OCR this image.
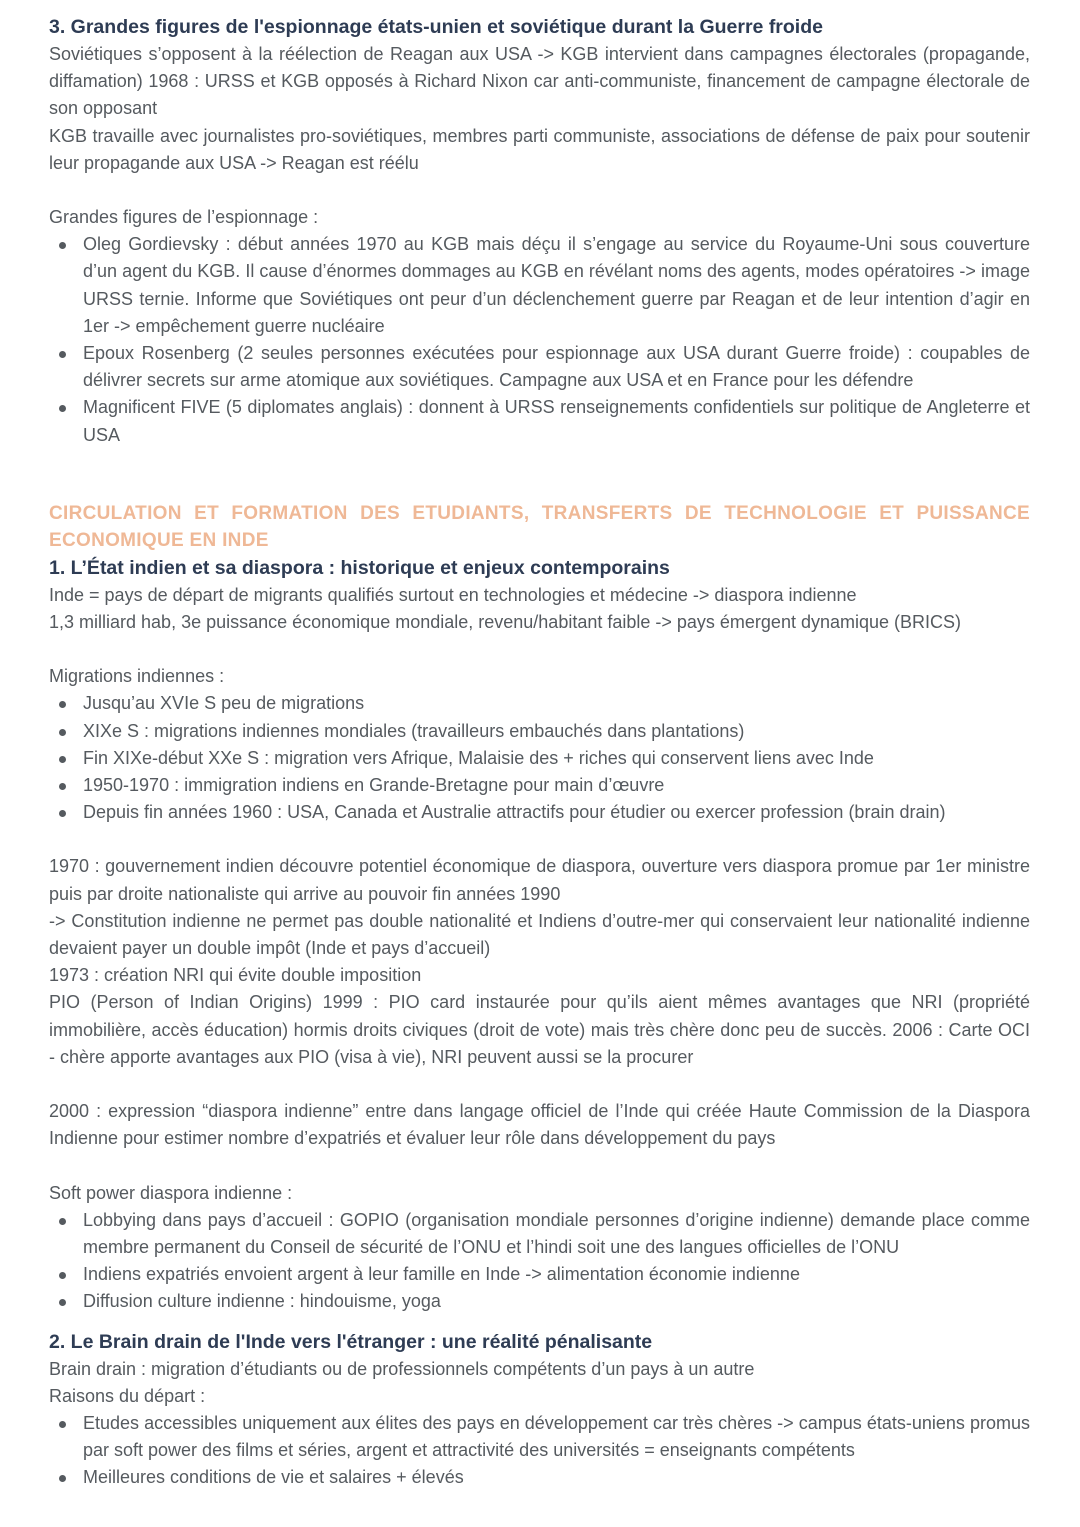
3. Grandes figures de l'espionnage états-unien et soviétique durant la Guerre froide

Soviétiques s’opposent à la réélection de Reagan aux USA -> KGB intervient dans campagnes électorales (propagande, diffamation) 1968 : URSS et KGB opposés à Richard Nixon car anti-communiste, financement de campagne électorale de son opposant

KGB travaille avec journalistes pro-soviétiques, membres parti communiste, associations de défense de paix pour soutenir leur propagande aux USA -> Reagan est réélu

Grandes figures de l’espionnage :

Oleg Gordievsky : début années 1970 au KGB mais déçu il s’engage au service du Royaume-Uni sous couverture d’un agent du KGB. Il cause d’énormes dommages au KGB en révélant noms des agents, modes opératoires -> image URSS ternie. Informe que Soviétiques ont peur d’un déclenchement guerre par Reagan et de leur intention d’agir en 1er -> empêchement guerre nucléaire
Epoux Rosenberg (2 seules personnes exécutées pour espionnage aux USA durant Guerre froide) : coupables de délivrer secrets sur arme atomique aux soviétiques. Campagne aux USA et en France pour les défendre
Magnificent FIVE (5 diplomates anglais) : donnent à URSS renseignements confidentiels sur politique de Angleterre et USA
CIRCULATION ET FORMATION DES ETUDIANTS, TRANSFERTS DE TECHNOLOGIE ET PUISSANCE ECONOMIQUE EN INDE
1. L’État indien et sa diaspora : historique et enjeux contemporains

Inde = pays de départ de migrants qualifiés surtout en technologies et médecine -> diaspora indienne

1,3 milliard hab, 3e puissance économique mondiale, revenu/habitant faible -> pays émergent dynamique (BRICS)

Migrations indiennes :

Jusqu’au XVIe S peu de migrations
XIXe S : migrations indiennes mondiales (travailleurs embauchés dans plantations)
Fin XIXe-début XXe S : migration vers Afrique, Malaisie des + riches qui conservent liens avec Inde
1950-1970 : immigration indiens en Grande-Bretagne pour main d’œuvre
Depuis fin années 1960 : USA, Canada et Australie attractifs pour étudier ou exercer profession (brain drain)

1970 : gouvernement indien découvre potentiel économique de diaspora, ouverture vers diaspora promue par 1er ministre puis par droite nationaliste qui arrive au pouvoir fin années 1990

-> Constitution indienne ne permet pas double nationalité et Indiens d’outre-mer qui conservaient leur nationalité indienne devaient payer un double impôt (Inde et pays d’accueil)

1973 : création NRI qui évite double imposition

PIO (Person of Indian Origins) 1999 : PIO card instaurée pour qu’ils aient mêmes avantages que NRI (propriété immobilière, accès éducation) hormis droits civiques (droit de vote) mais très chère donc peu de succès. 2006 : Carte OCI - chère apporte avantages aux PIO (visa à vie), NRI peuvent aussi se la procurer

2000 : expression “diaspora indienne” entre dans langage officiel de l’Inde qui crééе Haute Commission de la Diaspora Indienne pour estimer nombre d’expatriés et évaluer leur rôle dans développement du pays

Soft power diaspora indienne :

Lobbying dans pays d’accueil : GOPIO (organisation mondiale personnes d’origine indienne) demande place comme membre permanent du Conseil de sécurité de l’ONU et l’hindi soit une des langues officielles de l’ONU
Indiens expatriés envoient argent à leur famille en Inde -> alimentation économie indienne
Diffusion culture indienne : hindouisme, yoga
2. Le Brain drain de l'Inde vers l'étranger : une réalité pénalisante

Brain drain : migration d’étudiants ou de professionnels compétents d’un pays à un autre

Raisons du départ :

Etudes accessibles uniquement aux élites des pays en développement car très chères -> campus états-uniens promus par soft power des films et séries, argent et attractivité des universités = enseignants compétents
Meilleures conditions de vie et salaires + élevés
